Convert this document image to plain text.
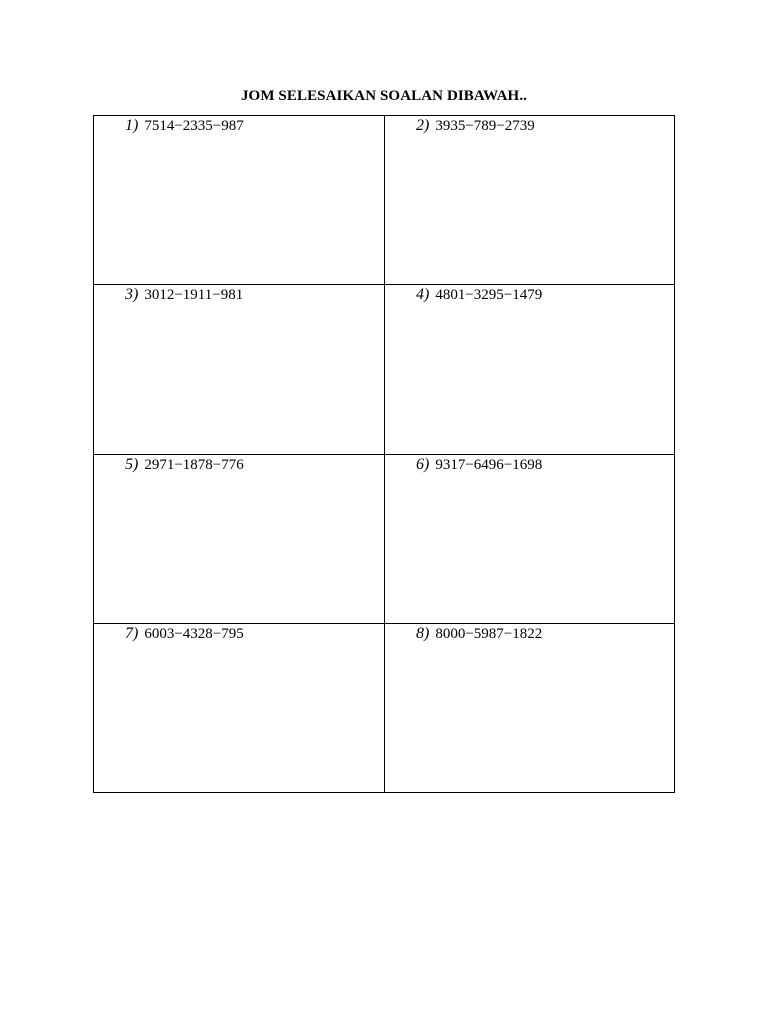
JOM SELESAIKAN SOALAN DIBAWAH..
1) 7514−2335−987	2) 3935−789−2739
3) 3012−1911−981	4) 4801−3295−1479
5) 2971−1878−776	6) 9317−6496−1698
7) 6003−4328−795	8) 8000−5987−1822
